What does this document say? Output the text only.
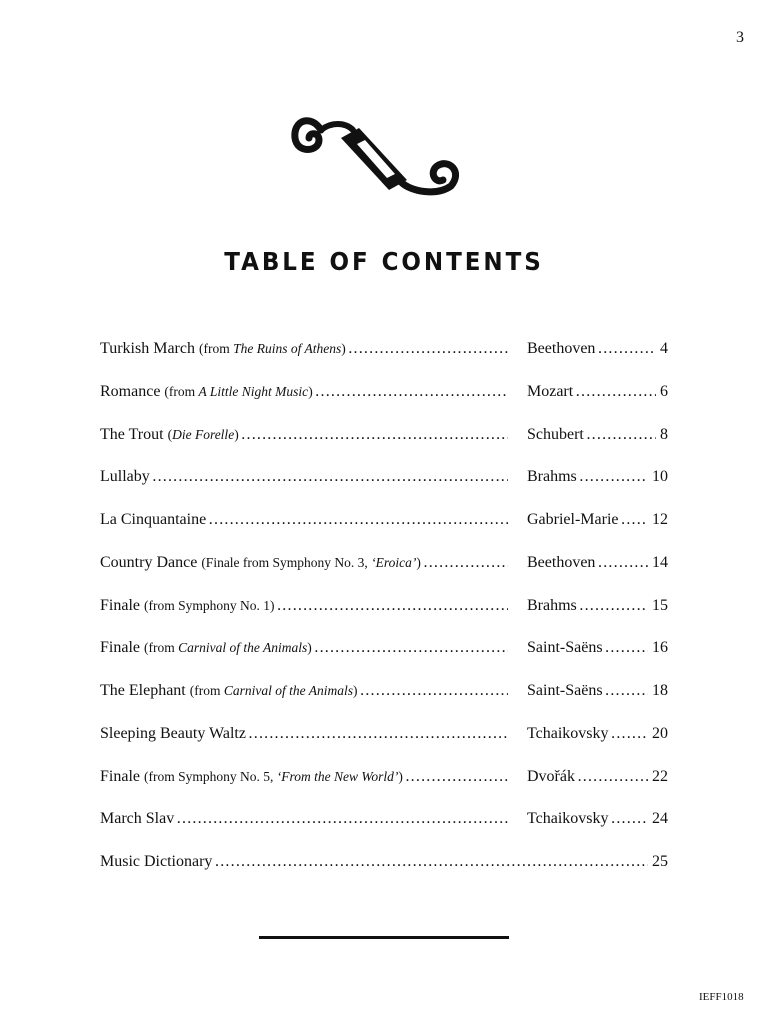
3
TABLE OF CONTENTS
Turkish March (from The Ruins of Athens) . . .	Beethoven . . .	4
Romance (from A Little Night Music) . . .	Mozart . . .	6
The Trout (Die Forelle) . . .	Schubert . . .	8
Lullaby . . .	Brahms . . .	10
La Cinquantaine . . .	Gabriel-Marie . . .	12
Country Dance (Finale from Symphony No. 3, ‘Eroica’) . . .	Beethoven . . .	14
Finale (from Symphony No. 1) . . .	Brahms . . .	15
Finale (from Carnival of the Animals) . . .	Saint-Saëns . . .	16
The Elephant (from Carnival of the Animals) . . .	Saint-Saëns . . .	18
Sleeping Beauty Waltz . . .	Tchaikovsky . . .	20
Finale (from Symphony No. 5, ‘From the New World’) . . .	Dvořák . . .	22
March Slav . . .	Tchaikovsky . . .	24
Music Dictionary . . .	25
IEFF1018
